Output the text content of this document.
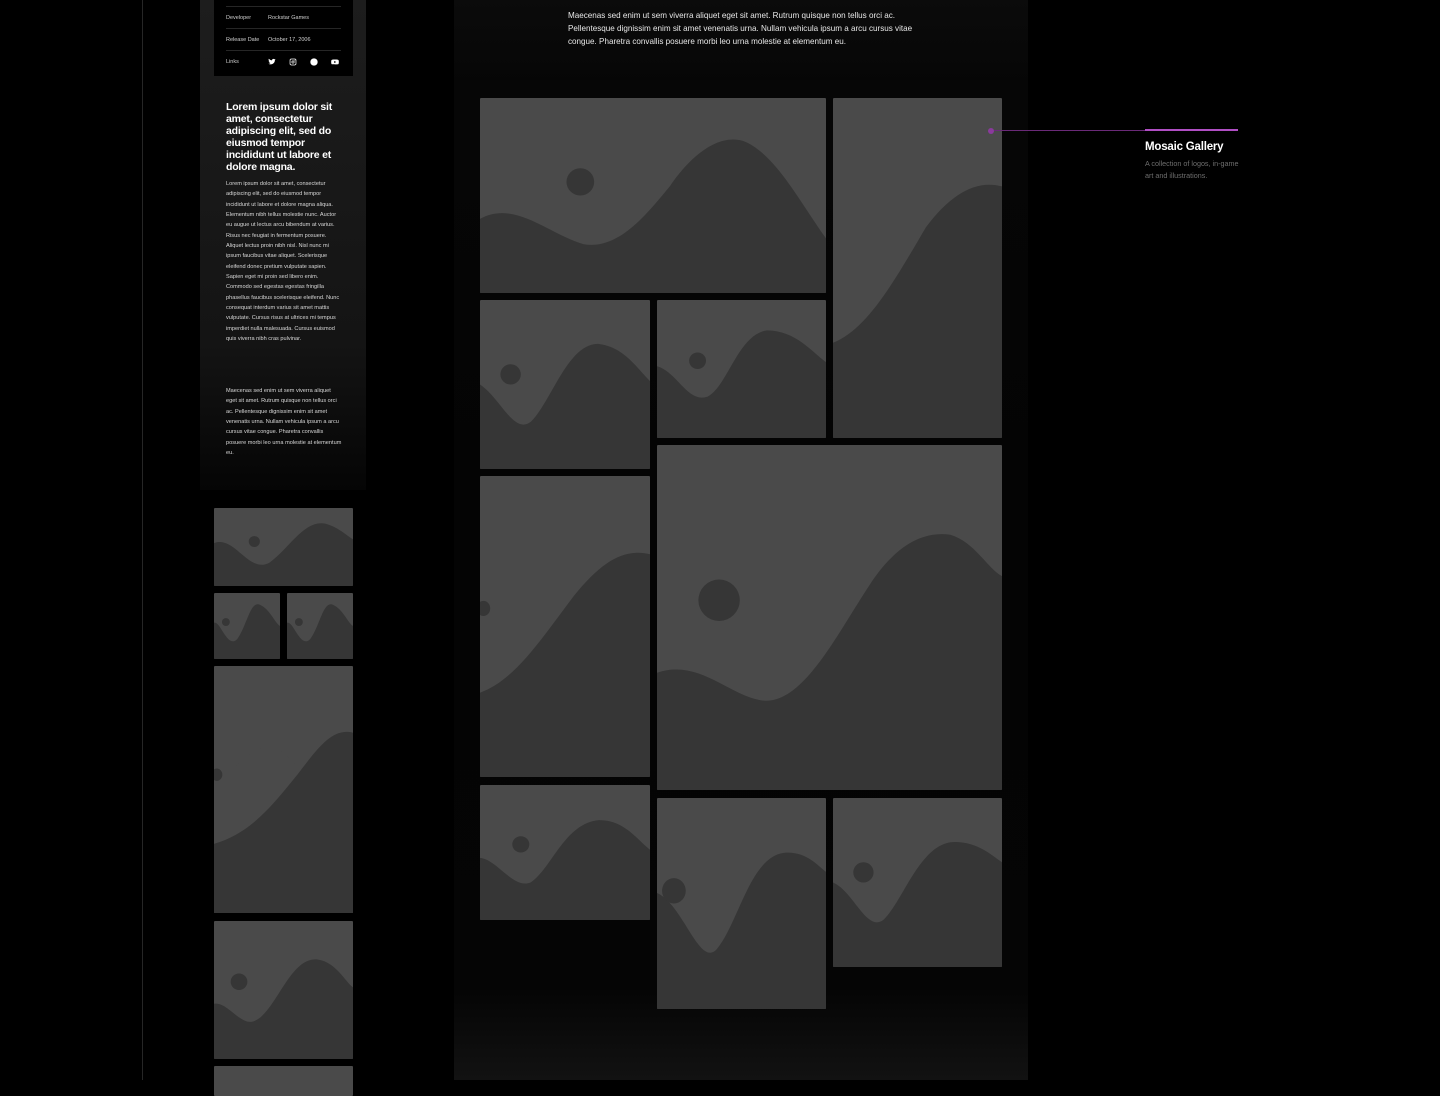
Developer	Rockstar Games
Release Date	October 17, 2006
Links
Lorem ipsum dolor sit amet, consectetur adipiscing elit, sed do eiusmod tempor incididunt ut labore et dolore magna.
Lorem ipsum dolor sit amet, consectetur adipiscing elit, sed do eiusmod tempor incididunt ut labore et dolore magna aliqua. Elementum nibh tellus molestie nunc. Auctor eu augue ut lectus arcu bibendum at varius. Risus nec feugiat in fermentum posuere. Aliquet lectus proin nibh nisl. Nisl nunc mi ipsum faucibus vitae aliquet. Scelerisque eleifend donec pretium vulputate sapien. Sapien eget mi proin sed libero enim. Commodo sed egestas egestas fringilla phasellus faucibus scelerisque eleifend. Nunc consequat interdum varius sit amet mattis vulputate. Cursus risus at ultrices mi tempus imperdiet nulla malesuada. Cursus euismod quis viverra nibh cras pulvinar.
Maecenas sed enim ut sem viverra aliquet eget sit amet. Rutrum quisque non tellus orci ac. Pellentesque dignissim enim sit amet venenatis urna. Nullam vehicula ipsum a arcu cursus vitae congue. Pharetra convallis posuere morbi leo urna molestie at elementum eu.
Maecenas sed enim ut sem viverra aliquet eget sit amet. Rutrum quisque non tellus orci ac. Pellentesque dignissim enim sit amet venenatis urna. Nullam vehicula ipsum a arcu cursus vitae congue. Pharetra convallis posuere morbi leo urna molestie at elementum eu.
Mosaic Gallery
A collection of logos, in-game art and illustrations.
